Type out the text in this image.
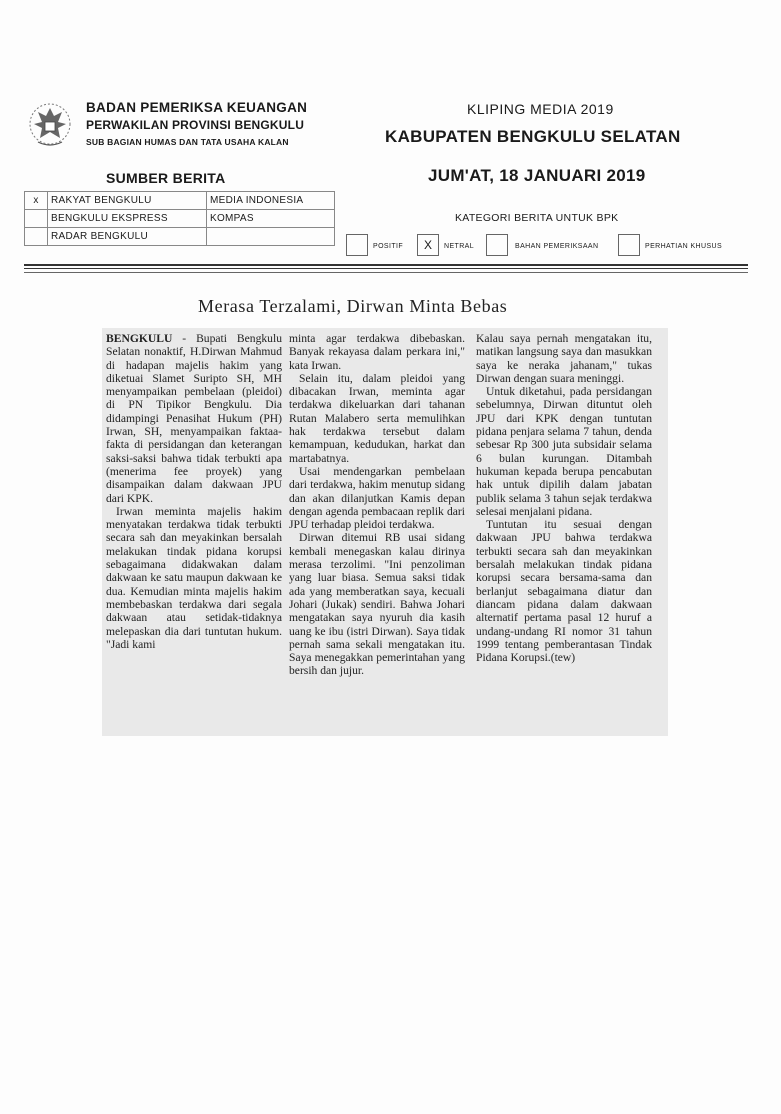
BADAN PEMERIKSA KEUANGAN
PERWAKILAN PROVINSI BENGKULU
SUB BAGIAN HUMAS DAN TATA USAHA KALAN
KLIPING MEDIA 2019
KABUPATEN BENGKULU SELATAN
JUM'AT, 18 JANUARI 2019
SUMBER BERITA
x	RAKYAT BENGKULU	MEDIA INDONESIA
	BENGKULU EKSPRESS	KOMPAS
	RADAR BENGKULU	
KATEGORI BERITA UNTUK BPK
POSITIF	X	NETRAL	BAHAN PEMERIKSAAN	PERHATIAN KHUSUS
Merasa Terzalami, Dirwan Minta Bebas

BENGKULU - Bupati Bengkulu Selatan nonaktif, H.Dirwan Mahmud di hadapan majelis hakim yang diketuai Slamet Suripto SH, MH menyampaikan pembelaan (pleidoi) di PN Tipikor Bengkulu. Dia didampingi Penasihat Hukum (PH) Irwan, SH, menyampaikan faktaa-fakta di persidangan dan keterangan saksi-saksi bahwa tidak terbukti apa (menerima fee proyek) yang disampaikan dalam dakwaan JPU dari KPK.

Irwan meminta majelis hakim menyatakan terdakwa tidak terbukti secara sah dan meyakinkan bersalah melakukan tindak pidana korupsi sebagaimana didakwakan dalam dakwaan ke satu maupun dakwaan ke dua. Kemudian minta majelis hakim membebaskan terdakwa dari segala dakwaan atau setidak-tidaknya melepaskan dia dari tuntutan hukum. "Jadi kami

minta agar terdakwa dibebaskan. Banyak rekayasa dalam perkara ini," kata Irwan.

Selain itu, dalam pleidoi yang dibacakan Irwan, meminta agar terdakwa dikeluarkan dari tahanan Rutan Malabero serta memulihkan hak terdakwa tersebut dalam kemampuan, kedudukan, harkat dan martabatnya.

Usai mendengarkan pembelaan dari terdakwa, hakim menutup sidang dan akan dilanjutkan Kamis depan dengan agenda pembacaan replik dari JPU terhadap pleidoi terdakwa.

Dirwan ditemui RB usai sidang kembali menegaskan kalau dirinya merasa terzolimi. "Ini penzoliman yang luar biasa. Semua saksi tidak ada yang memberatkan saya, kecuali Johari (Jukak) sendiri. Bahwa Johari mengatakan saya nyuruh dia kasih uang ke ibu (istri Dirwan). Saya tidak pernah sama sekali mengatakan itu. Saya menegakkan pemerintahan yang bersih dan jujur.

Kalau saya pernah mengatakan itu, matikan langsung saya dan masukkan saya ke neraka jahanam," tukas Dirwan dengan suara meninggi.

Untuk diketahui, pada persidangan sebelumnya, Dirwan dituntut oleh JPU dari KPK dengan tuntutan pidana penjara selama 7 tahun, denda sebesar Rp 300 juta subsidair selama 6 bulan kurungan. Ditambah hukuman kepada berupa pencabutan hak untuk dipilih dalam jabatan publik selama 3 tahun sejak terdakwa selesai menjalani pidana.

Tuntutan itu sesuai dengan dakwaan JPU bahwa terdakwa terbukti secara sah dan meyakinkan bersalah melakukan tindak pidana korupsi secara bersama-sama dan berlanjut sebagaimana diatur dan diancam pidana dalam dakwaan alternatif pertama pasal 12 huruf a undang-undang RI nomor 31 tahun 1999 tentang pemberantasan Tindak Pidana Korupsi.(tew)
